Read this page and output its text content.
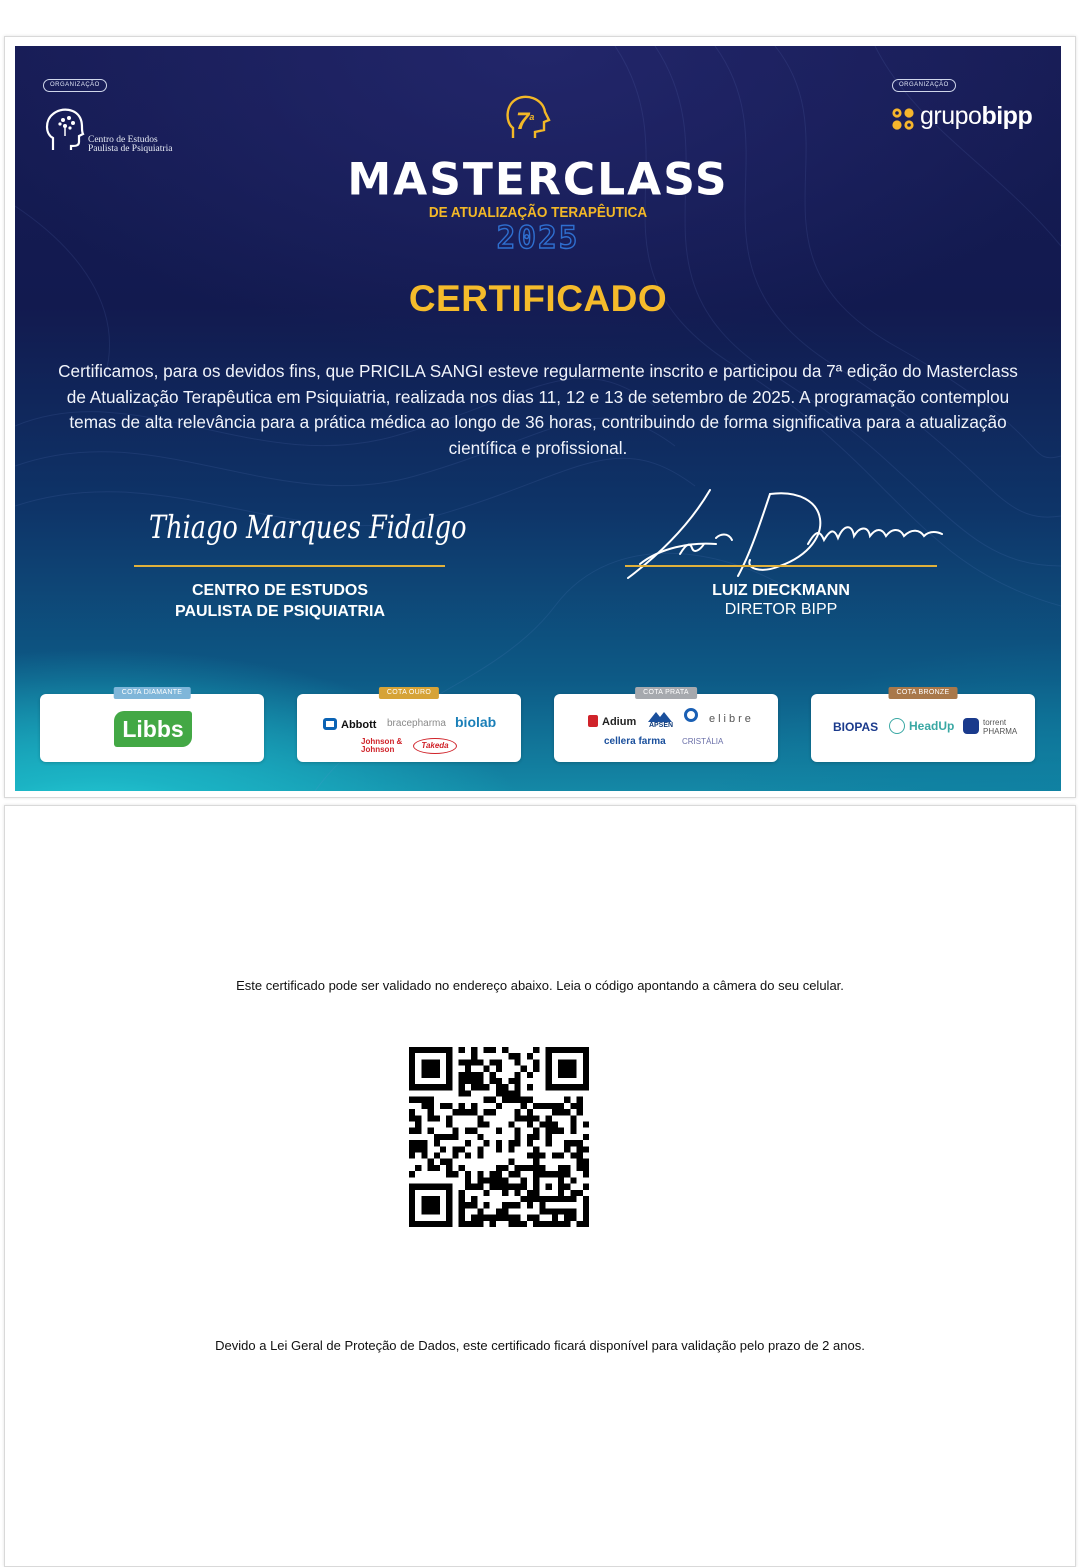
ORGANIZAÇÃO
Centro de Estudos
Paulista de Psiquiatria
ORGANIZAÇÃO
grupobipp
7$^a$
MASTERCLASS
DE ATUALIZAÇÃO TERAPÊUTICA
2025
CERTIFICADO
Certificamos, para os devidos fins, que PRICILA SANGI esteve regularmente inscrito e participou da 7ª edição do Masterclass de Atualização Terapêutica em Psiquiatria, realizada nos dias 11, 12 e 13 de setembro de 2025. A programação contemplou temas de alta relevância para a prática médica ao longo de 36 horas, contribuindo de forma significativa para a atualização científica e profissional.
Thiago Marques Fidalgo
CENTRO DE ESTUDOS
PAULISTA DE PSIQUIATRIA
LUIZ DIECKMANN
DIRETOR BIPP
COTA DIAMANTE
Libbs
COTA OURO
Abbott bracepharma biolab
Johnson & Johnson	Takeda
COTA PRATA
Adium APSEN
elibre
cellera farma CRISTÁLIA
COTA BRONZE
BIOPAS	HeadUp	torrent PHARMA
Este certificado pode ser validado no endereço abaixo. Leia o código apontando a câmera do seu celular.
Devido a Lei Geral de Proteção de Dados, este certificado ficará disponível para validação pelo prazo de 2 anos.
